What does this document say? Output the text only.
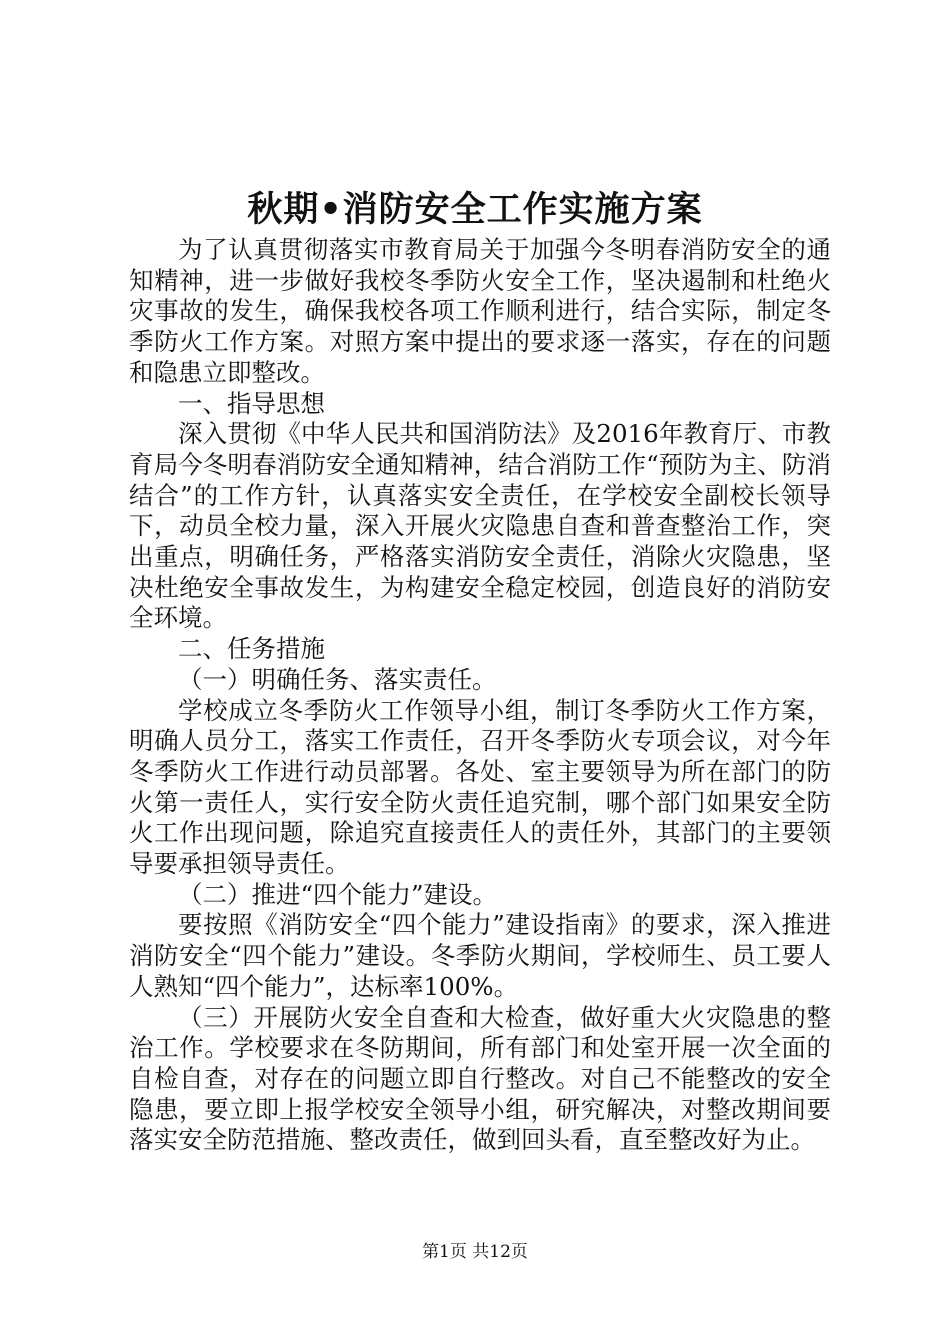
秋期•消防安全工作实施方案

为了认真贯彻落实市教育局关于加强今冬明春消防安全的通知精神，进一步做好我校冬季防火安全工作，坚决遏制和杜绝火灾事故的发生，确保我校各项工作顺利进行，结合实际，制定冬季防火工作方案。对照方案中提出的要求逐一落实，存在的问题和隐患立即整改。

一、指导思想

深入贯彻《中华人民共和国消防法》及2016年教育厅、市教育局今冬明春消防安全通知精神，结合消防工作“预防为主、防消结合”的工作方针，认真落实安全责任，在学校安全副校长领导下，动员全校力量，深入开展火灾隐患自查和普查整治工作，突出重点，明确任务，严格落实消防安全责任，消除火灾隐患，坚决杜绝安全事故发生，为构建安全稳定校园，创造良好的消防安全环境。

二、任务措施

（一）明确任务、落实责任。

学校成立冬季防火工作领导小组，制订冬季防火工作方案，明确人员分工，落实工作责任，召开冬季防火专项会议，对今年冬季防火工作进行动员部署。各处、室主要领导为所在部门的防火第一责任人，实行安全防火责任追究制，哪个部门如果安全防火工作出现问题，除追究直接责任人的责任外，其部门的主要领导要承担领导责任。

（二）推进“四个能力”建设。

要按照《消防安全“四个能力”建设指南》的要求，深入推进消防安全“四个能力”建设。冬季防火期间，学校师生、员工要人人熟知“四个能力”，达标率100%。

（三）开展防火安全自查和大检查，做好重大火灾隐患的整治工作。学校要求在冬防期间，所有部门和处室开展一次全面的自检自查，对存在的问题立即自行整改。对自己不能整改的安全隐患，要立即上报学校安全领导小组，研究解决，对整改期间要落实安全防范措施、整改责任，做到回头看，直至整改好为止。

第1页 共12页
